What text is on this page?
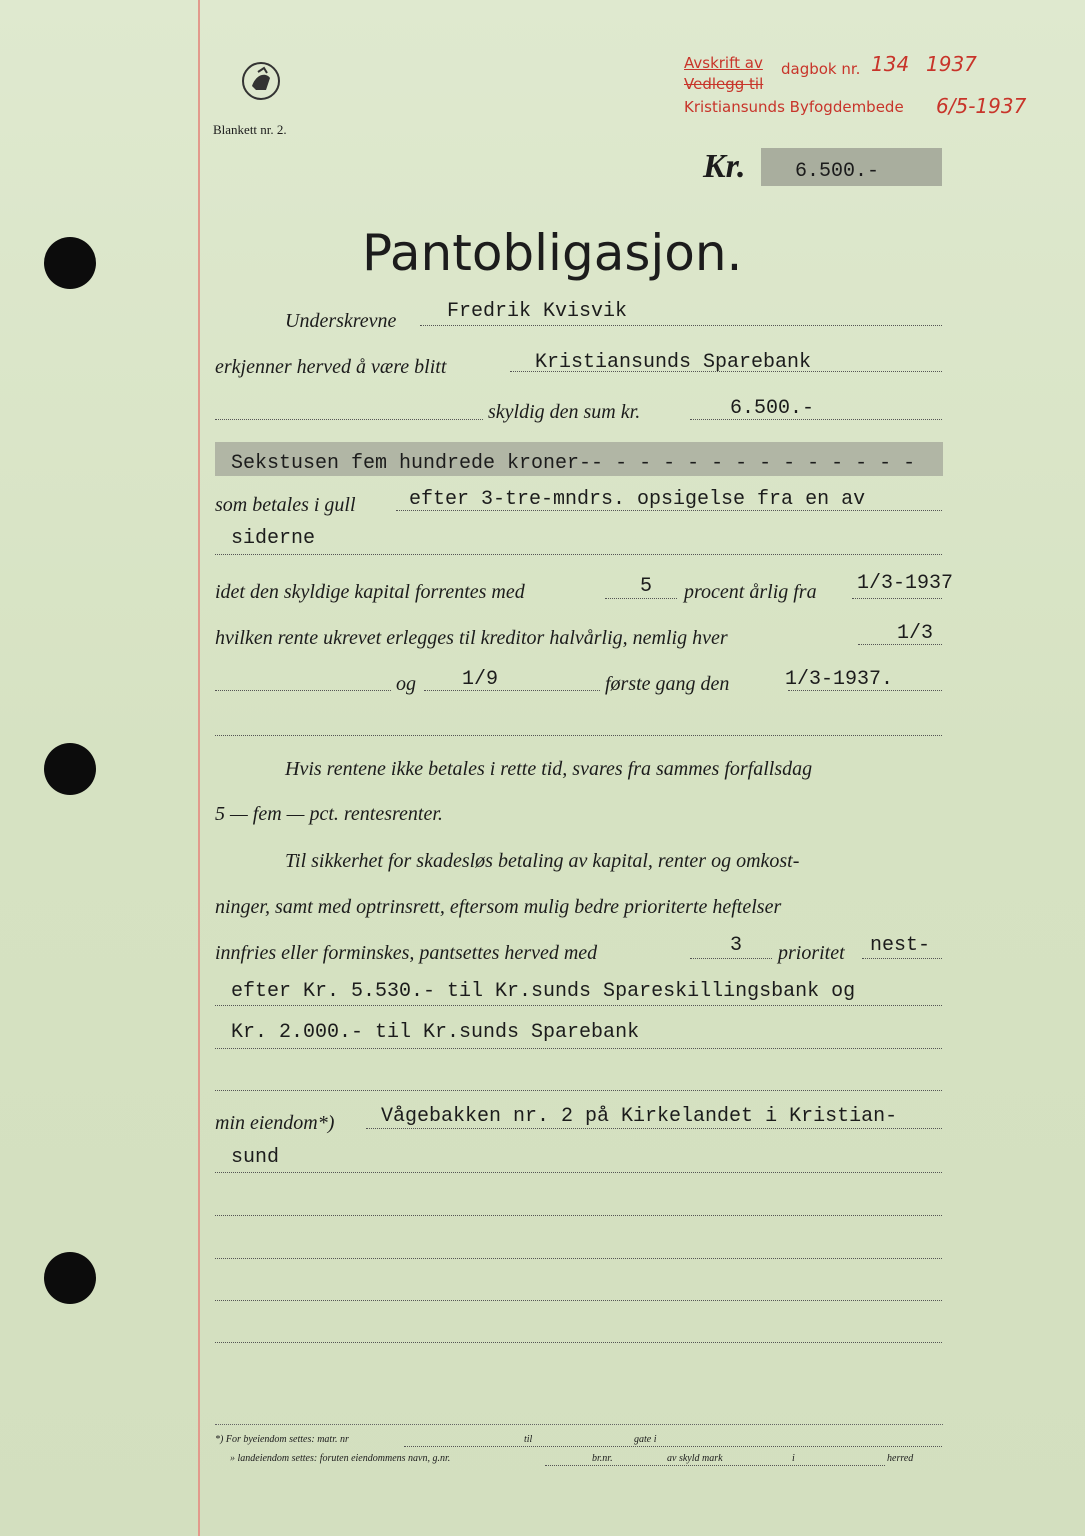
Avskrift av dagbok nr. 134 1937
Vedlegg til
Kristiansunds Byfogdembede 6/5-1937
Blankett nr. 2.
Kr. 6.500.-
Pantobligasjon.
Underskrevne	Fredrik Kvisvik
erkjenner herved å være blitt	Kristiansunds Sparebank
skyldig den sum kr.	6.500.-
Sekstusen fem hundrede kroner-- - - - - - - - - - - - - -
som betales i gull	efter 3-tre-mndrs. opsigelse fra en av
siderne
idet den skyldige kapital forrentes med	5 procent årlig fra 1/3-1937
hvilken rente ukrevet erlegges til kreditor halvårlig, nemlig hver	1/3
og 1/9	første gang den	1/3-1937.
Hvis rentene ikke betales i rette tid, svares fra sammes forfallsdag
5 — fem — pct. rentesrenter.
Til sikkerhet for skadesløs betaling av kapital, renter og omkost-
ninger, samt med optrinsrett, eftersom mulig bedre prioriterte heftelser
innfries eller forminskes, pantsettes herved med	3 prioritet nest-
efter Kr. 5.530.- til Kr.sunds Spareskillingsbank og
Kr. 2.000.- til Kr.sunds Sparebank
min eiendom*) Vågebakken nr. 2 på Kirkelandet i Kristian-
sund
*) For byeiendom settes: matr. nr	til	gate i
» landeiendom settes: foruten eiendommens navn, g.nr.	br.nr.	av skyld mark	i	herred
